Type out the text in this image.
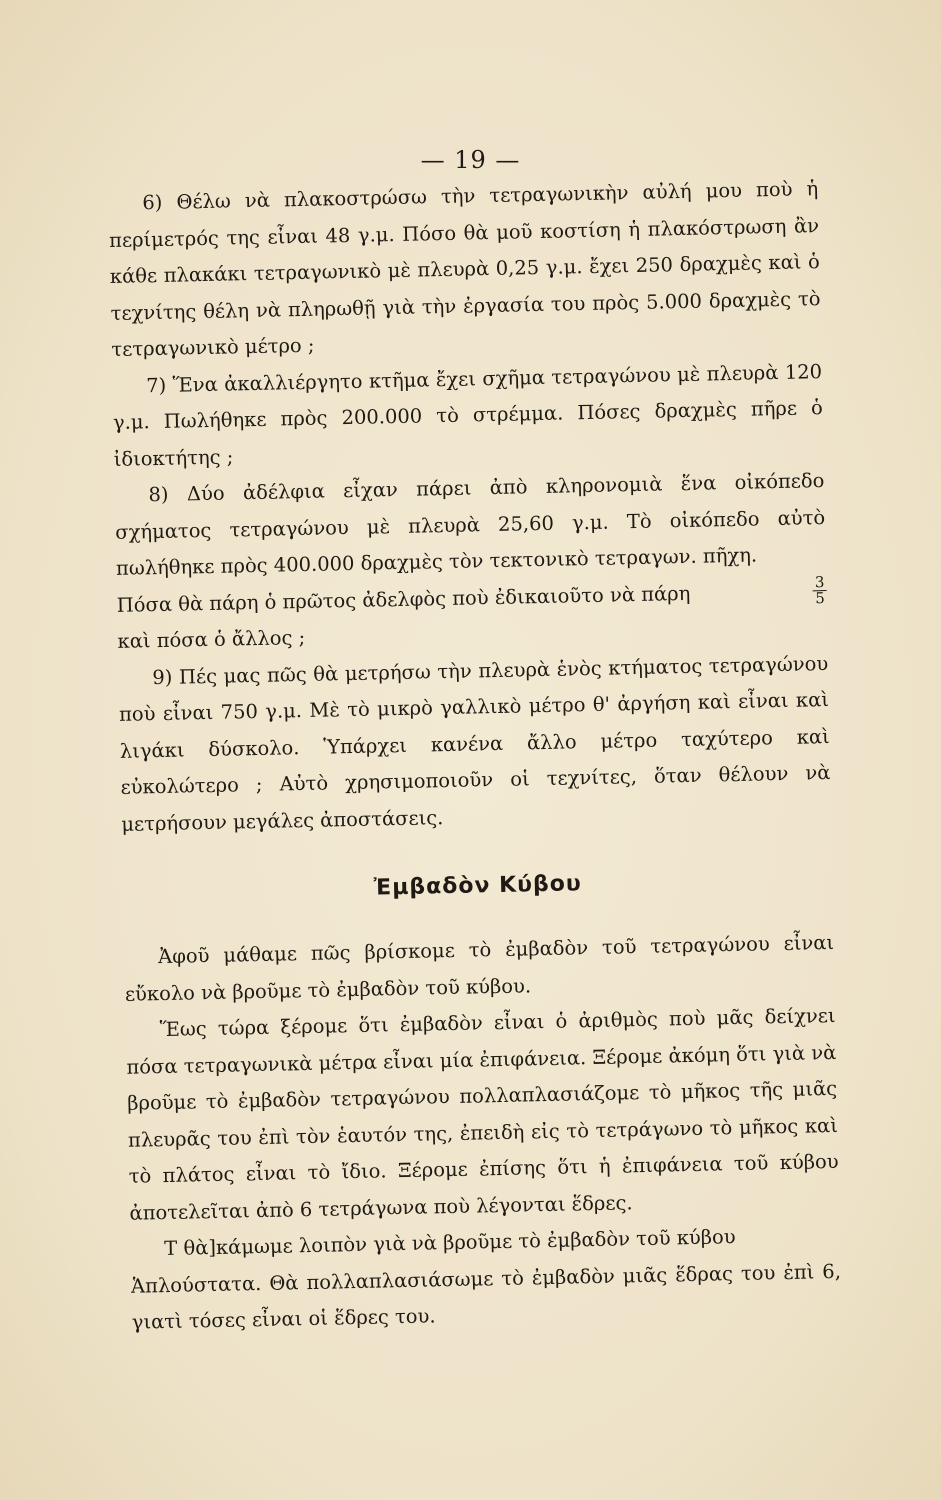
— 19 —

6) Θέλω νὰ πλακοστρώσω τὴν τετραγωνικὴν αὐλή μου ποὺ ἡ περίμετρός της εἶναι 48 γ.μ. Πόσο θὰ μοῦ κοστίση ἡ πλακόστρωση ἂν κάθε πλακάκι τετραγωνικὸ μὲ πλευρὰ 0,25 γ.μ. ἔχει 250 δραχμὲς καὶ ὁ τεχνίτης θέλη νὰ πληρωθῇ γιὰ τὴν ἐργασία του πρὸς 5.000 δραχμὲς τὸ τετραγωνικὸ μέτρο ;

7) Ἕνα ἀκαλλιέργητο κτῆμα ἔχει σχῆμα τετραγώνου μὲ πλευρὰ 120 γ.μ. Πωλήθηκε πρὸς 200.000 τὸ στρέμμα. Πόσες δραχμὲς πῆρε ὁ ἰδιοκτήτης ;

8) Δύο ἀδέλφια εἶχαν πάρει ἀπὸ κληρονομιὰ ἕνα οἰκόπεδο σχήματος τετραγώνου μὲ πλευρὰ 25,60 γ.μ. Τὸ οἰκόπεδο αὐτὸ πωλήθηκε πρὸς 400.000 δραχμὲς τὸν τεκτονικὸ τετραγων. πῆχη.

Πόσα θὰ πάρη ὁ πρῶτος ἀδελφὸς ποὺ ἐδικαιοῦτο νὰ πάρη	$\frac{3}{5}$

καὶ πόσα ὁ ἄλλος ;

9) Πές μας πῶς θὰ μετρήσω τὴν πλευρὰ ἑνὸς κτήματος τετραγώνου ποὺ εἶναι 750 γ.μ. Μὲ τὸ μικρὸ γαλλικὸ μέτρο θ' ἀργήση καὶ εἶναι καὶ λιγάκι δύσκολο. Ὑπάρχει κανένα ἄλλο μέτρο ταχύτερο καὶ εὐκολώτερο ; Αὐτὸ χρησιμοποιοῦν οἱ τεχνίτες, ὅταν θέλουν νὰ μετρήσουν μεγάλες ἀποστάσεις.

Ἐμβαδὸν Κύβου

Ἀφοῦ μάθαμε πῶς βρίσκομε τὸ ἐμβαδὸν τοῦ τετραγώνου εἶναι εὔκολο νὰ βροῦμε τὸ ἐμβαδὸν τοῦ κύβου.

Ἕως τώρα ξέρομε ὅτι ἐμβαδὸν εἶναι ὁ ἀριθμὸς ποὺ μᾶς δείχνει πόσα τετραγωνικὰ μέτρα εἶναι μία ἐπιφάνεια. Ξέρομε ἀκόμη ὅτι γιὰ νὰ βροῦμε τὸ ἐμβαδὸν τετραγώνου πολλαπλασιάζομε τὸ μῆκος τῆς μιᾶς πλευρᾶς του ἐπὶ τὸν ἑαυτόν της, ἐπειδὴ εἰς τὸ τετράγωνο τὸ μῆκος καὶ τὸ πλάτος εἶναι τὸ ἴδιο. Ξέρομε ἐπίσης ὅτι ἡ ἐπιφάνεια τοῦ κύβου ἀποτελεῖται ἀπὸ 6 τετράγωνα ποὺ λέγονται ἕδρες.

Τ θὰ]κάμωμε λοιπὸν γιὰ νὰ βροῦμε τὸ ἐμβαδὸν τοῦ κύβου

Ἁπλούστατα. Θὰ πολλαπλασιάσωμε τὸ ἐμβαδὸν μιᾶς ἕδρας του ἐπὶ 6, γιατὶ τόσες εἶναι οἱ ἕδρες του.
